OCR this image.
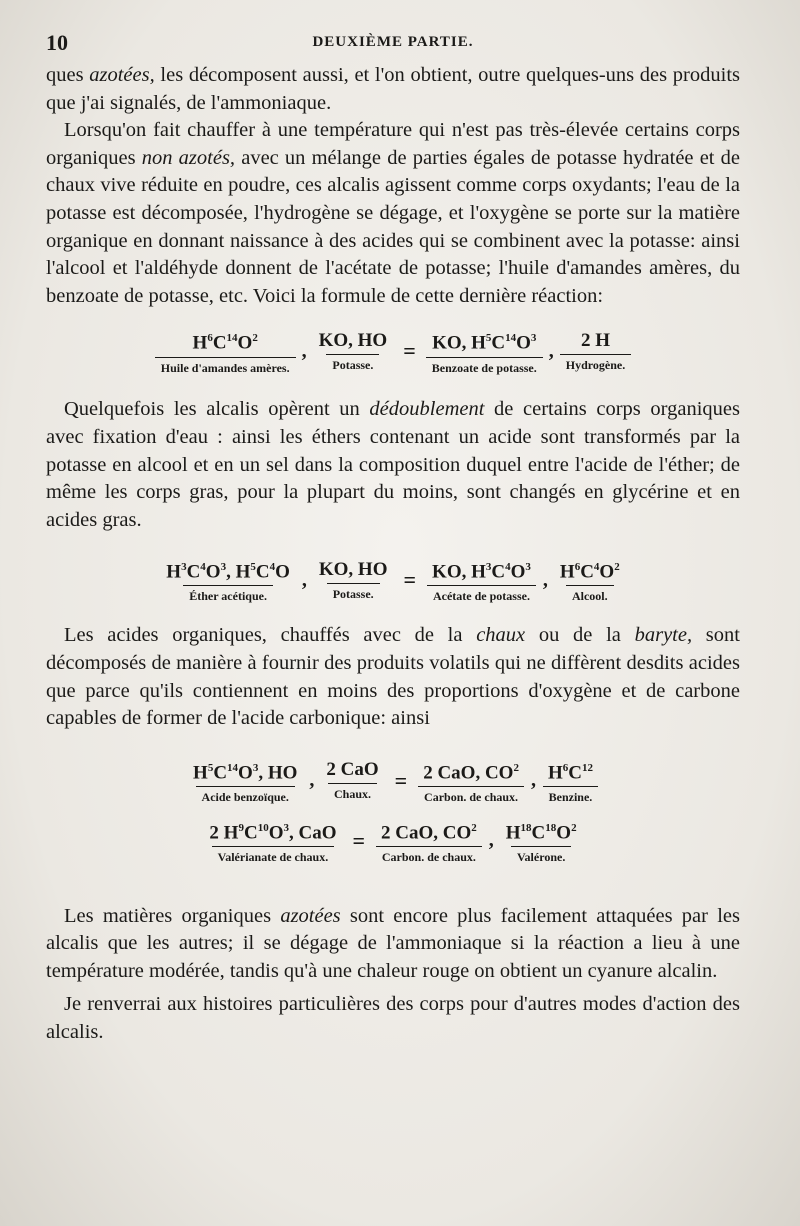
10	DEUXIÈME PARTIE.

ques azotées, les décomposent aussi, et l'on obtient, outre quelques-uns des produits que j'ai signalés, de l'ammoniaque.

Lorsqu'on fait chauffer à une température qui n'est pas très-élevée certains corps organiques non azotés, avec un mélange de parties égales de potasse hydratée et de chaux vive réduite en poudre, ces alcalis agissent comme corps oxydants; l'eau de la potasse est décomposée, l'hydrogène se dégage, et l'oxygène se porte sur la matière organique en donnant naissance à des acides qui se combinent avec la potasse: ainsi l'alcool et l'aldéhyde donnent de l'acétate de potasse; l'huile d'amandes amères, du benzoate de potasse, etc. Voici la formule de cette dernière réaction:

$\frac{H^6C^{14}O^2}{\text{Huile d'amandes amères.}}$ , $\frac{KO, HO}{\text{Potasse.}} = \frac{KO, H^5C^{14}O^3}{\text{Benzoate de potasse.}}$ , $\frac{2 H}{\text{Hydrogène.}}$

Quelquefois les alcalis opèrent un dédoublement de certains corps organiques avec fixation d'eau : ainsi les éthers contenant un acide sont transformés par la potasse en alcool et en un sel dans la composition duquel entre l'acide de l'éther; de même les corps gras, pour la plupart du moins, sont changés en glycérine et en acides gras.

$\frac{H^3C^4O^3, H^5C^4O}{\text{Éther acétique.}}$ , $\frac{KO, HO}{\text{Potasse.}} = \frac{KO, H^3C^4O^3}{\text{Acétate de potasse.}}$ , $\frac{H^6C^4O^2}{\text{Alcool.}}$

Les acides organiques, chauffés avec de la chaux ou de la baryte, sont décomposés de manière à fournir des produits volatils qui ne diffèrent desdits acides que parce qu'ils contiennent en moins des proportions d'oxygène et de carbone capables de former de l'acide carbonique: ainsi

$\frac{H^5C^{14}O^3, HO}{\text{Acide benzoïque.}}$ , $\frac{\text{2 CaO}}{\text{Chaux.}} = \frac{2 CaO, CO^2}{\text{Carbon. de chaux.}}$ , $\frac{H^6C^{12}}{\text{Benzine.}}$
$\frac{2 H^9C^{10}O^3, CaO}{\text{Valérianate de chaux.}} = \frac{2 CaO, CO^2}{\text{Carbon. de chaux.}}$ , $\frac{H^{18}C^{18}O^2}{\text{Valérone.}}$

Les matières organiques azotées sont encore plus facilement attaquées par les alcalis que les autres; il se dégage de l'ammoniaque si la réaction a lieu à une température modérée, tandis qu'à une chaleur rouge on obtient un cyanure alcalin.

Je renverrai aux histoires particulières des corps pour d'autres modes d'action des alcalis.
